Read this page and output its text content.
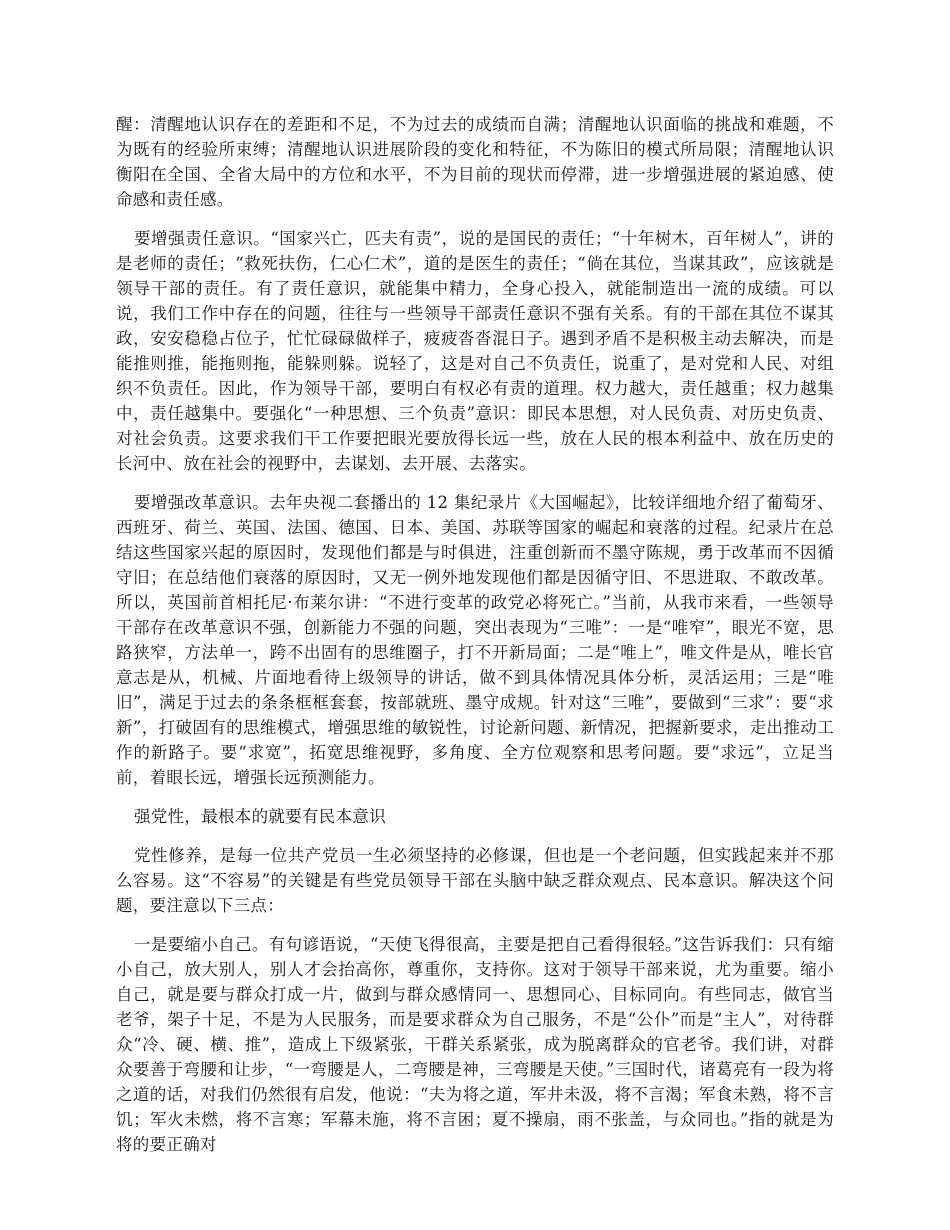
醒：清醒地认识存在的差距和不足，不为过去的成绩而自满；清醒地认识面临的挑战和难题，不为既有的经验所束缚；清醒地认识进展阶段的变化和特征，不为陈旧的模式所局限；清醒地认识衡阳在全国、全省大局中的方位和水平，不为目前的现状而停滞，进一步增强进展的紧迫感、使命感和责任感。

要增强责任意识。“国家兴亡，匹夫有责”，说的是国民的责任；“十年树木，百年树人”，讲的是老师的责任；“救死扶伤，仁心仁术”，道的是医生的责任；“倘在其位，当谋其政”，应该就是领导干部的责任。有了责任意识，就能集中精力，全身心投入，就能制造出一流的成绩。可以说，我们工作中存在的问题，往往与一些领导干部责任意识不强有关系。有的干部在其位不谋其政，安安稳稳占位子，忙忙碌碌做样子，疲疲沓沓混日子。遇到矛盾不是积极主动去解决，而是能推则推，能拖则拖，能躲则躲。说轻了，这是对自己不负责任，说重了，是对党和人民、对组织不负责任。因此，作为领导干部，要明白有权必有责的道理。权力越大，责任越重；权力越集中，责任越集中。要强化“一种思想、三个负责”意识：即民本思想，对人民负责、对历史负责、对社会负责。这要求我们干工作要把眼光要放得长远一些，放在人民的根本利益中、放在历史的长河中、放在社会的视野中，去谋划、去开展、去落实。

要增强改革意识。去年央视二套播出的 12 集纪录片《大国崛起》，比较详细地介绍了葡萄牙、西班牙、荷兰、英国、法国、德国、日本、美国、苏联等国家的崛起和衰落的过程。纪录片在总结这些国家兴起的原因时，发现他们都是与时俱进，注重创新而不墨守陈规，勇于改革而不因循守旧；在总结他们衰落的原因时，又无一例外地发现他们都是因循守旧、不思进取、不敢改革。所以，英国前首相托尼·布莱尔讲：“不进行变革的政党必将死亡。”当前，从我市来看，一些领导干部存在改革意识不强，创新能力不强的问题，突出表现为“三唯”：一是“唯窄”，眼光不宽，思路狭窄，方法单一，跨不出固有的思维圈子，打不开新局面；二是“唯上”，唯文件是从，唯长官意志是从，机械、片面地看待上级领导的讲话，做不到具体情况具体分析，灵活运用；三是“唯旧”，满足于过去的条条框框套套，按部就班、墨守成规。针对这“三唯”，要做到“三求”：要“求新”，打破固有的思维模式，增强思维的敏锐性，讨论新问题、新情况，把握新要求，走出推动工作的新路子。要“求宽”，拓宽思维视野，多角度、全方位观察和思考问题。要“求远”，立足当前，着眼长远，增强长远预测能力。

强党性，最根本的就要有民本意识

党性修养，是每一位共产党员一生必须坚持的必修课，但也是一个老问题，但实践起来并不那么容易。这“不容易”的关键是有些党员领导干部在头脑中缺乏群众观点、民本意识。解决这个问题，要注意以下三点：

一是要缩小自己。有句谚语说，“天使飞得很高，主要是把自己看得很轻。”这告诉我们：只有缩小自己，放大别人，别人才会抬高你，尊重你，支持你。这对于领导干部来说，尤为重要。缩小自己，就是要与群众打成一片，做到与群众感情同一、思想同心、目标同向。有些同志，做官当老爷，架子十足，不是为人民服务，而是要求群众为自己服务，不是“公仆”而是“主人”，对待群众“冷、硬、横、推”，造成上下级紧张，干群关系紧张，成为脱离群众的官老爷。我们讲，对群众要善于弯腰和让步，“一弯腰是人，二弯腰是神，三弯腰是天使。”三国时代，诸葛亮有一段为将之道的话，对我们仍然很有启发，他说：“夫为将之道，军井未汲，将不言渴；军食未熟，将不言饥；军火未燃，将不言寒；军幕未施，将不言困；夏不操扇，雨不张盖，与众同也。”指的就是为将的要正确对
